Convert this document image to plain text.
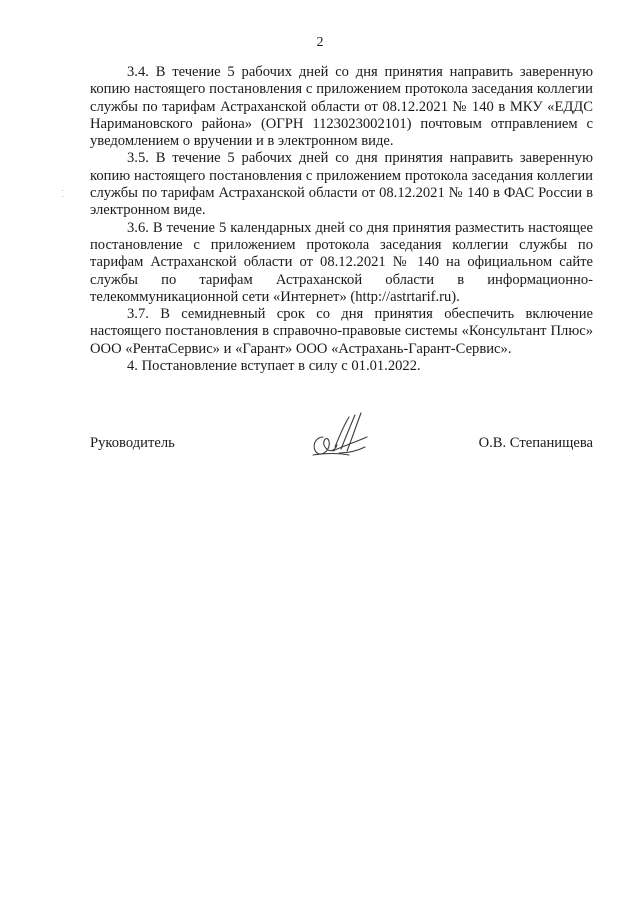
2

3.4. В течение 5 рабочих дней со дня принятия направить заверенную копию настоящего постановления с приложением протокола заседания коллегии службы по тарифам Астраханской области от 08.12.2021 № 140 в МКУ «ЕДДС Наримановского района» (ОГРН 1123023002101) почтовым отправлением с уведомлением о вручении и в электронном виде.

3.5. В течение 5 рабочих дней со дня принятия направить заверенную копию настоящего постановления с приложением протокола заседания коллегии службы по тарифам Астраханской области от 08.12.2021 № 140 в ФАС России в электронном виде.

3.6. В течение 5 календарных дней со дня принятия разместить настоящее постановление с приложением протокола заседания коллегии службы по тарифам Астраханской области от 08.12.2021 № 140 на официальном сайте службы по тарифам Астраханской области в информационно-телекоммуникационной сети «Интернет» (http://astrtarif.ru).

3.7. В семидневный срок со дня принятия обеспечить включение настоящего постановления в справочно-правовые системы «Консультант Плюс» ООО «РентаСервис» и «Гарант» ООО «Астрахань-Гарант-Сервис».

4. Постановление вступает в силу с 01.01.2022.

Руководитель	О.В. Степанищева
